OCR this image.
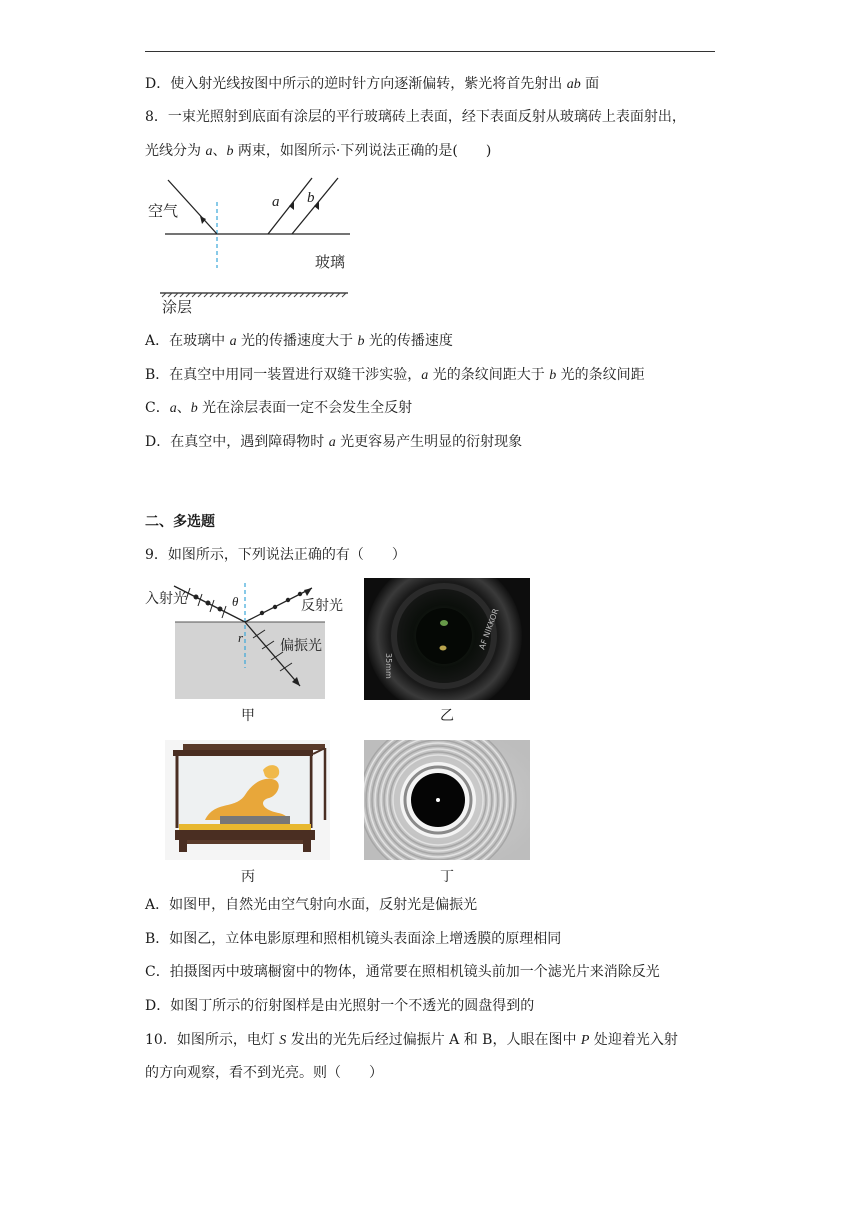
D．使入射光线按图中所示的逆时针方向逐渐偏转，紫光将首先射出 ab 面
8．一束光照射到底面有涂层的平行玻璃砖上表面，经下表面反射从玻璃砖上表面射出，
光线分为 a、b 两束，如图所示·下列说法正确的是(　　)
空气
玻璃
涂层
a b
A．在玻璃中 a 光的传播速度大于 b 光的传播速度
B．在真空中用同一装置进行双缝干涉实验，a 光的条纹间距大于 b 光的条纹间距
C．a、b 光在涂层表面一定不会发生全反射
D．在真空中，遇到障碍物时 a 光更容易产生明显的衍射现象
二、多选题
9．如图所示，下列说法正确的有（　　）
入射光	反射光
偏振光
θ
r
甲
35mm
AF NIKKOR
乙
丙	丁
A．如图甲，自然光由空气射向水面，反射光是偏振光
B．如图乙，立体电影原理和照相机镜头表面涂上增透膜的原理相同
C．拍摄图丙中玻璃橱窗中的物体，通常要在照相机镜头前加一个滤光片来消除反光
D．如图丁所示的衍射图样是由光照射一个不透光的圆盘得到的
10．如图所示，电灯 S 发出的光先后经过偏振片 A 和 B，人眼在图中 P 处迎着光入射
的方向观察，看不到光亮。则（　　）
